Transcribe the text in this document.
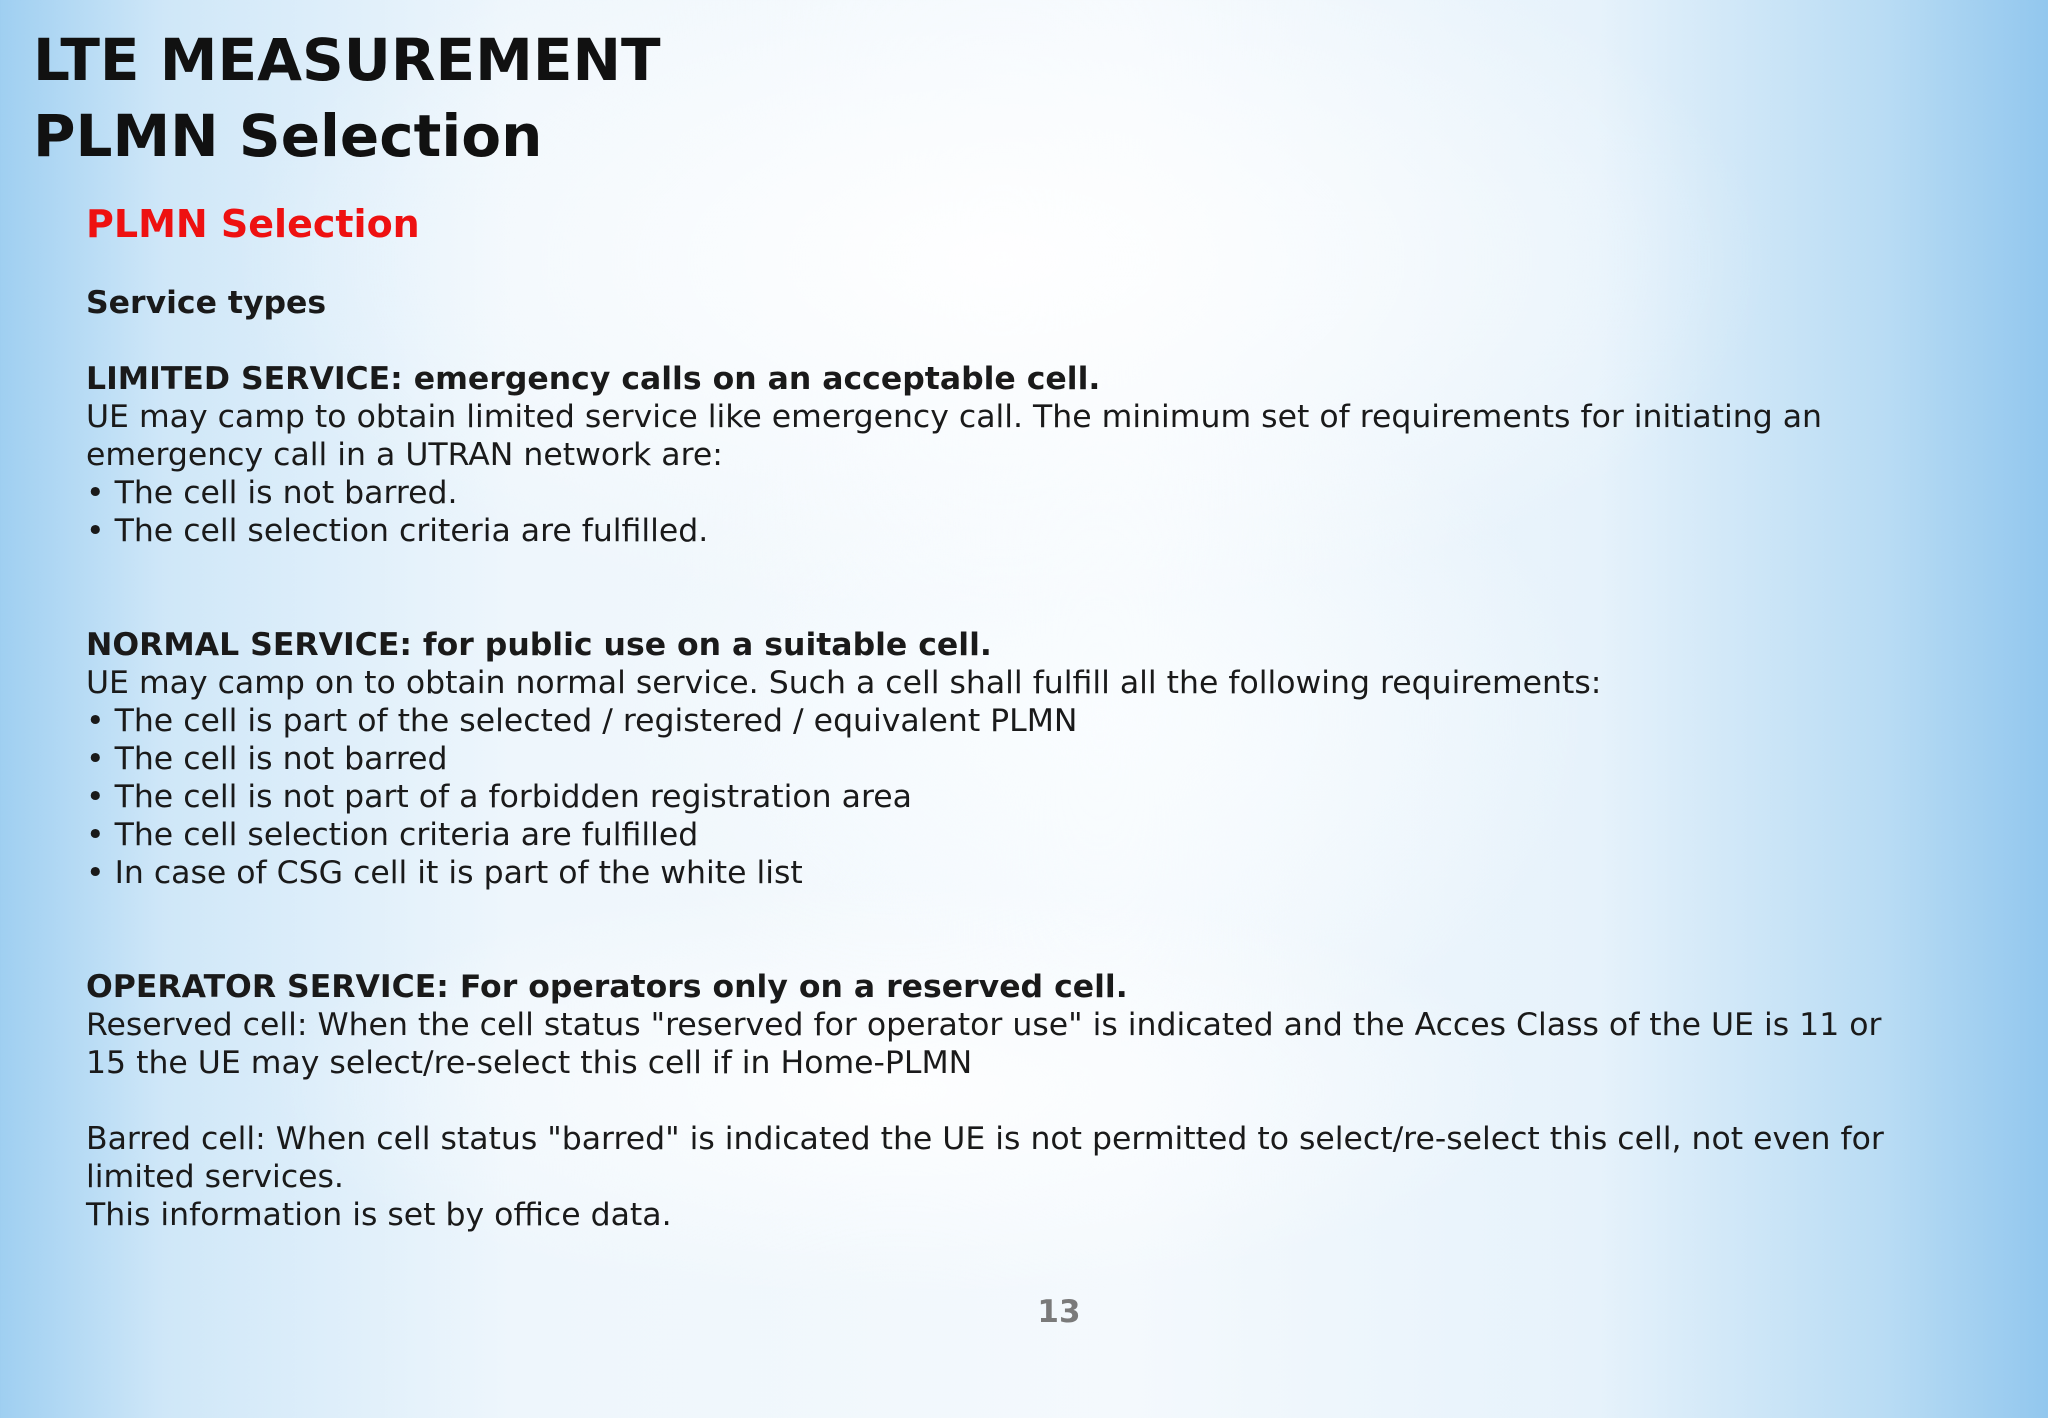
LTE MEASUREMENT
PLMN Selection
PLMN Selection
Service types

LIMITED SERVICE: emergency calls on an acceptable cell.

UE may camp to obtain limited service like emergency call. The minimum set of requirements for initiating an

emergency call in a UTRAN network are:

• The cell is not barred.

• The cell selection criteria are fulfilled.

NORMAL SERVICE: for public use on a suitable cell.

UE may camp on to obtain normal service. Such a cell shall fulfill all the following requirements:

• The cell is part of the selected / registered / equivalent PLMN

• The cell is not barred

• The cell is not part of a forbidden registration area

• The cell selection criteria are fulfilled

• In case of CSG cell it is part of the white list

OPERATOR SERVICE: For operators only on a reserved cell.

Reserved cell: When the cell status "reserved for operator use" is indicated and the Acces Class of the UE is 11 or

15 the UE may select/re-select this cell if in Home-PLMN

Barred cell: When cell status "barred" is indicated the UE is not permitted to select/re-select this cell, not even for

limited services.

This information is set by office data.

13
